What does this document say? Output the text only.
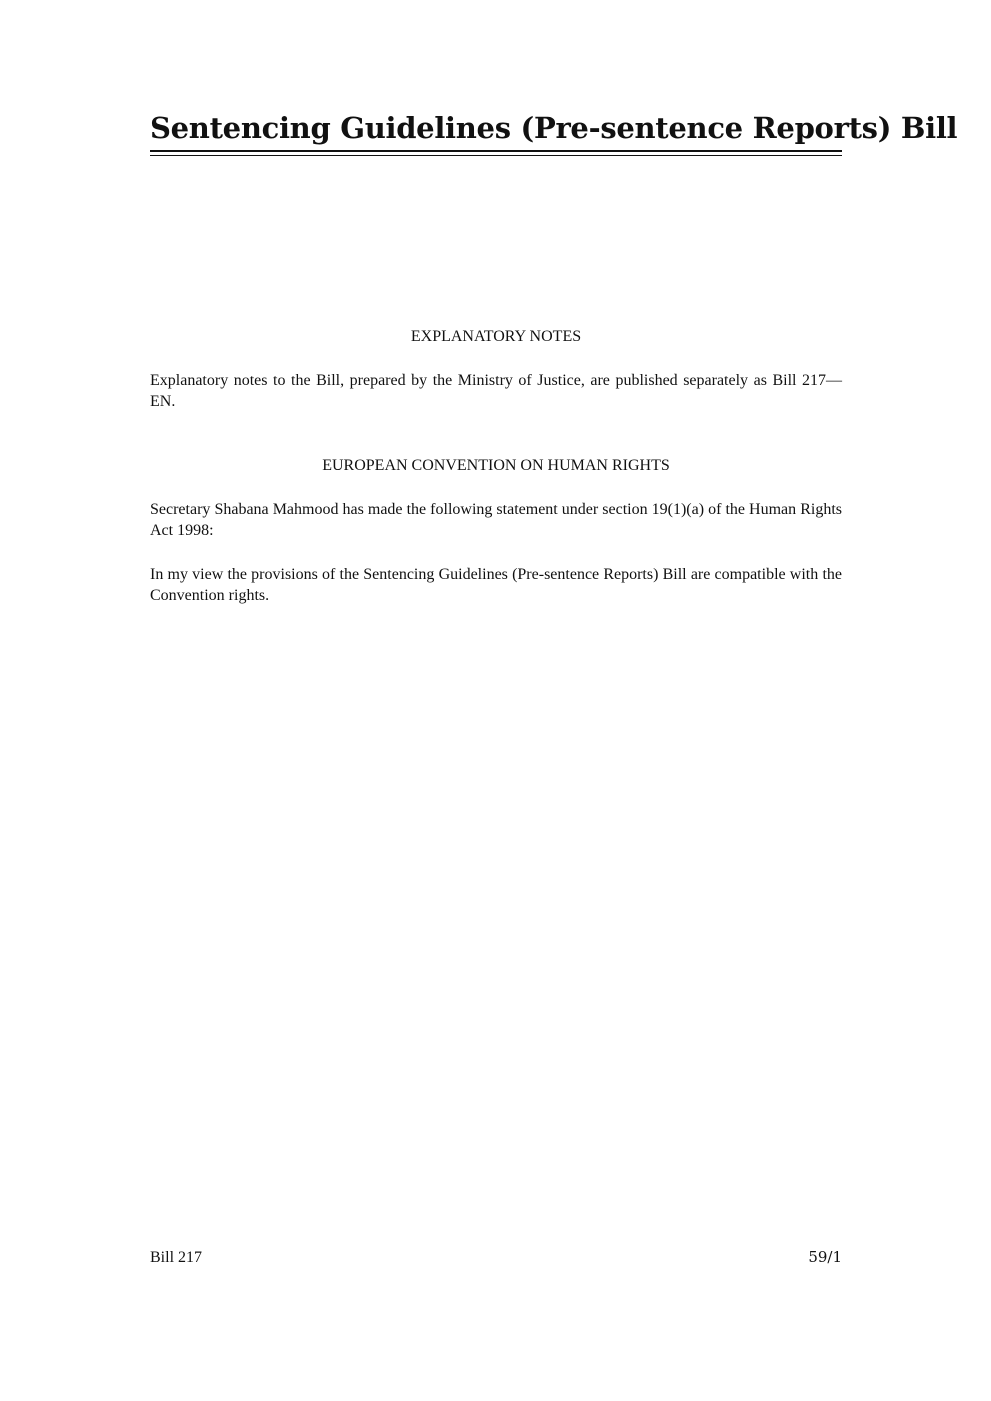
Sentencing Guidelines (Pre-sentence Reports) Bill
EXPLANATORY NOTES

Explanatory notes to the Bill, prepared by the Ministry of Justice, are published separately as Bill 217—EN.

EUROPEAN CONVENTION ON HUMAN RIGHTS

Secretary Shabana Mahmood has made the following statement under section 19(1)(a) of the Human Rights Act 1998:

In my view the provisions of the Sentencing Guidelines (Pre-sentence Reports) Bill are compatible with the Convention rights.

Bill 217	59/1
